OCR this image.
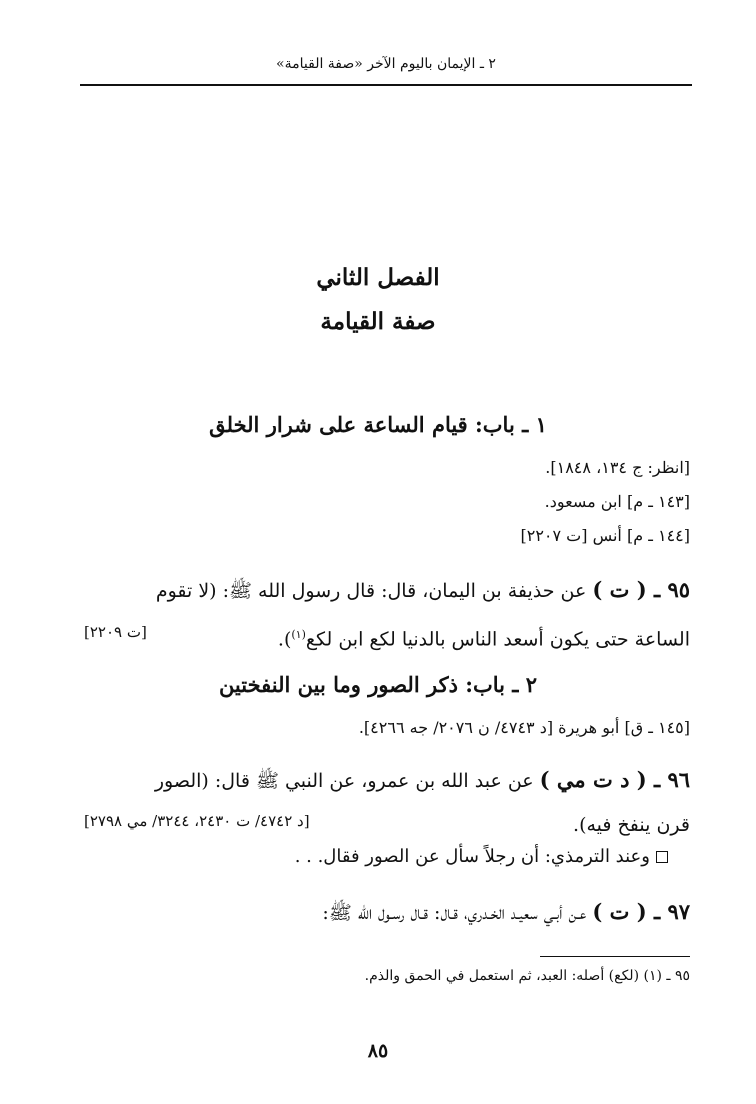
٢ ـ الإيمان باليوم الآخر «صفة القيامة»
الفصل الثاني
صفة القيامة
١ ـ باب: قيام الساعة على شرار الخلق
[انظر: ج ١٣٤، ١٨٤٨].
[١٤٣ ـ م] ابن مسعود.
[١٤٤ ـ م] أنس [ت ٢٢٠٧]
٩٥ ـ ( ت ) عن حذيفة بن اليمان، قال: قال رسول الله ﷺ: (لا تقوم
الساعة حتى يكون أسعد الناس بالدنيا لكع ابن لكع$^{(١)}$).
[ت ٢٢٠٩]
٢ ـ باب: ذكر الصور وما بين النفختين
[١٤٥ ـ ق] أبو هريرة [د ٤٧٤٣/ ن ٢٠٧٦/ جه ٤٢٦٦].
٩٦ ـ ( د ت مي ) عن عبد الله بن عمرو، عن النبي ﷺ قال: (الصور
قرن ينفخ فيه).
[د ٤٧٤٢/ ت ٢٤٣٠، ٣٢٤٤/ مي ٢٧٩٨]
وعند الترمذي: أن رجلاً سأل عن الصور فقال. . .
٩٧ ـ ( ت ) عـن أبـي سعيـد الخـدري، قـال: قـال رسـول الله ﷺ:
٩٥ ـ (١) (لكع) أصله: العبد، ثم استعمل في الحمق والذم.
٨٥
